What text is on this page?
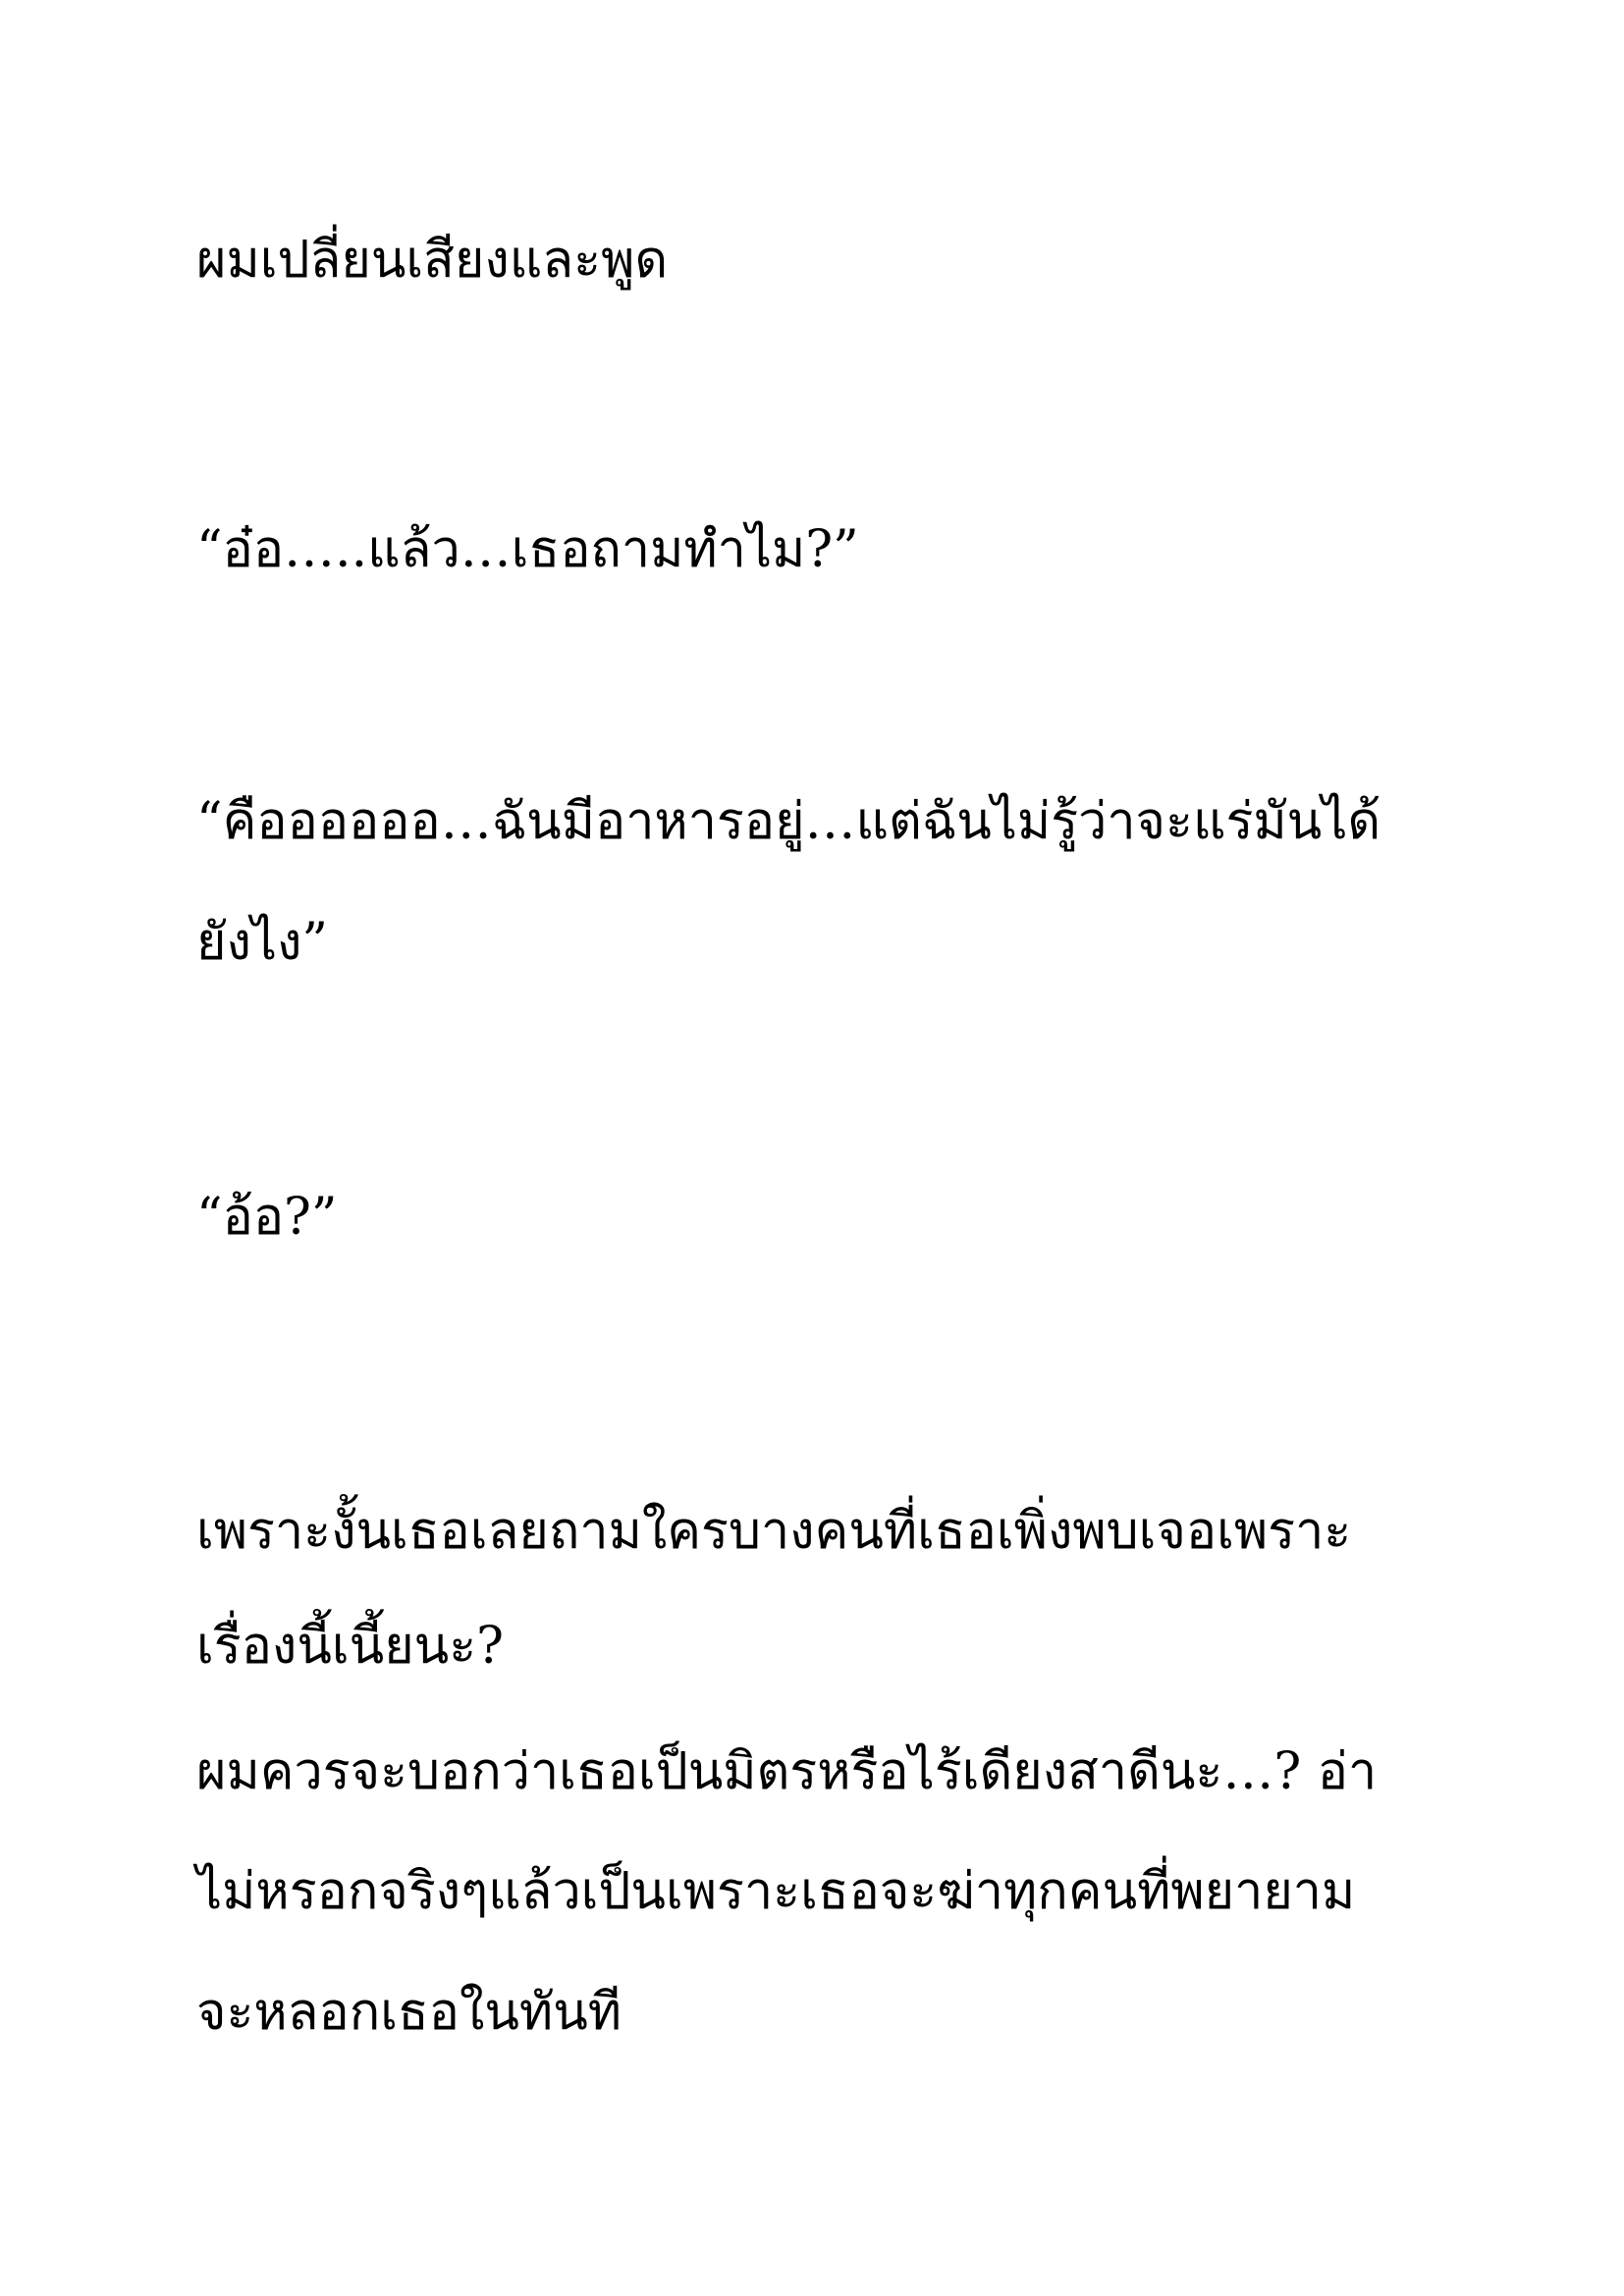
ผมเปลี่ยนเสียงและพูด

“อ๋อ…..แล้ว…เธอถามทำไม?”

“คืออออออ…ฉันมีอาหารอยู่…แต่ฉันไม่รู้ว่าจะแร่มันได้

ยังไง”

“อ้อ?”

เพราะงั้นเธอเลยถามใครบางคนที่เธอเพิ่งพบเจอเพราะ

เรื่องนี้เนี้ยนะ?

ผมควรจะบอกว่าเธอเป็นมิตรหรือไร้เดียงสาดีนะ…? อ่า

ไม่หรอกจริงๆแล้วเป็นเพราะเธอจะฆ่าทุกคนที่พยายาม

จะหลอกเธอในทันที
